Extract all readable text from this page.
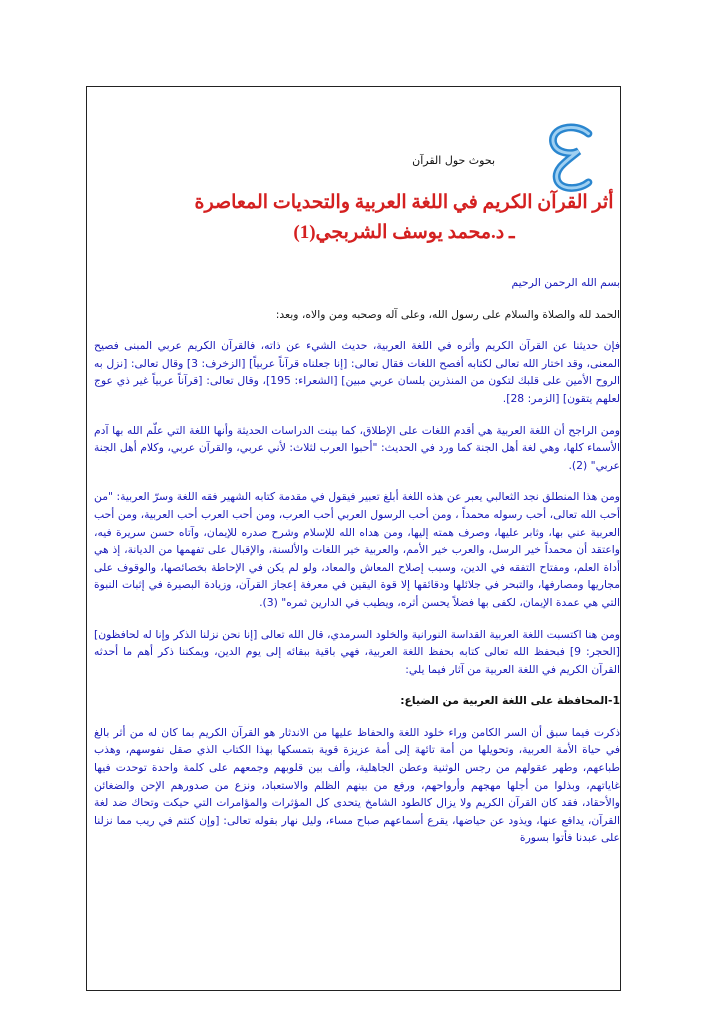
بحوث حول القرآن
أثر القرآن الكريم في اللغة العربية والتحديات المعاصرة ـ د.محمد يوسف الشربجي(1)

بسم الله الرحمن الرحيم

الحمد لله والصلاة والسلام على رسول الله، وعلى آله وصحبه ومن والاه، وبعد:

فإن حديثنا عن القرآن الكريم وأثره في اللغة العربية، حديث الشيء عن ذاته، فالقرآن الكريم عربي المبنى فصيح المعنى، وقد اختار الله تعالى لكتابه أفصح اللغات فقال تعالى: [إنا جعلناه قرآناً عربياً] [الزخرف: 3] وقال تعالى: [نزل به الروح الأمين على قلبك لتكون من المنذرين بلسان عربي مبين] [الشعراء: 195]، وقال تعالى: [قرآناً عربياً غير ذي عوج لعلهم يتقون] [الزمر: 28].

ومن الراجح أن اللغة العربية هي أقدم اللغات على الإطلاق، كما بينت الدراسات الحديثة وأنها اللغة التي علّم الله بها آدم الأسماء كلها، وهي لغة أهل الجنة كما ورد في الحديث: "أحبوا العرب لثلاث: لأني عربي، والقرآن عربي، وكلام أهل الجنة عربي" (2).

ومن هذا المنطلق نجد الثعالبي يعبر عن هذه اللغة أبلغ تعبير فيقول في مقدمة كتابه الشهير فقه اللغة وسرّ العربية: "من أحب الله تعالى، أحب رسوله محمداً ، ومن أحب الرسول العربي أحب العرب، ومن أحب العرب أحب العربية، ومن أحب العربية عني بها، وثابر عليها، وصرف همته إليها، ومن هداه الله للإسلام وشرح صدره للإيمان، وآتاه حسن سريرة فيه، واعتقد أن محمداً خير الرسل، والعرب خير الأمم، والعربية خير اللغات والألسنة، والإقبال على تفهمها من الديانة، إذ هي أداة العلم، ومفتاح التفقه في الدين، وسبب إصلاح المعاش والمعاد، ولو لم يكن في الإحاطة بخصائصها، والوقوف على مجاريها ومصارفها، والتبحر في جلائلها ودقائقها إلا قوة اليقين في معرفة إعجاز القرآن، وزيادة البصيرة في إثبات النبوة التي هي عمدة الإيمان، لكفى بها فضلاً يحسن أثره، ويطيب في الدارين ثمره" (3).

ومن هنا اكتسبت اللغة العربية القداسة النورانية والخلود السرمدي، قال الله تعالى [إنا نحن نزلنا الذكر وإنا له لحافظون] [الحجر: 9] فبحفظ الله تعالى كتابه بحفظ اللغة العربية، فهي باقية ببقائه إلى يوم الدين، ويمكننا ذكر أهم ما أحدثه القرآن الكريم في اللغة العربية من آثار فيما يلي:

1-المحافظة على اللغة العربية من الضياع:

ذكرت فيما سبق أن السر الكامن وراء خلود اللغة والحفاظ عليها من الاندثار هو القرآن الكريم بما كان له من أثر بالغ في حياة الأمة العربية، وتحويلها من أمة تائهة إلى أمة عزيزة قوية بتمسكها بهذا الكتاب الذي صقل نفوسهم، وهذب طباعهم، وطهر عقولهم من رجس الوثنية وعطن الجاهلية، وألف بين قلوبهم وجمعهم على كلمة واحدة توحدت فيها غاياتهم، وبذلوا من أجلها مهجهم وأرواحهم، ورفع من بينهم الظلم والاستعباد، ونزع من صدورهم الإحن والضغائن والأحقاد، فقد كان القرآن الكريم ولا يزال كالطود الشامخ يتحدى كل المؤثرات والمؤامرات التي حيكت وتحاك ضد لغة القرآن، يدافع عنها، ويذود عن حياضها، يقرع أسماعهم صباح مساء، وليل نهار بقوله تعالى: [وإن كنتم في ريب مما نزلنا على عبدنا فأتوا بسورة
